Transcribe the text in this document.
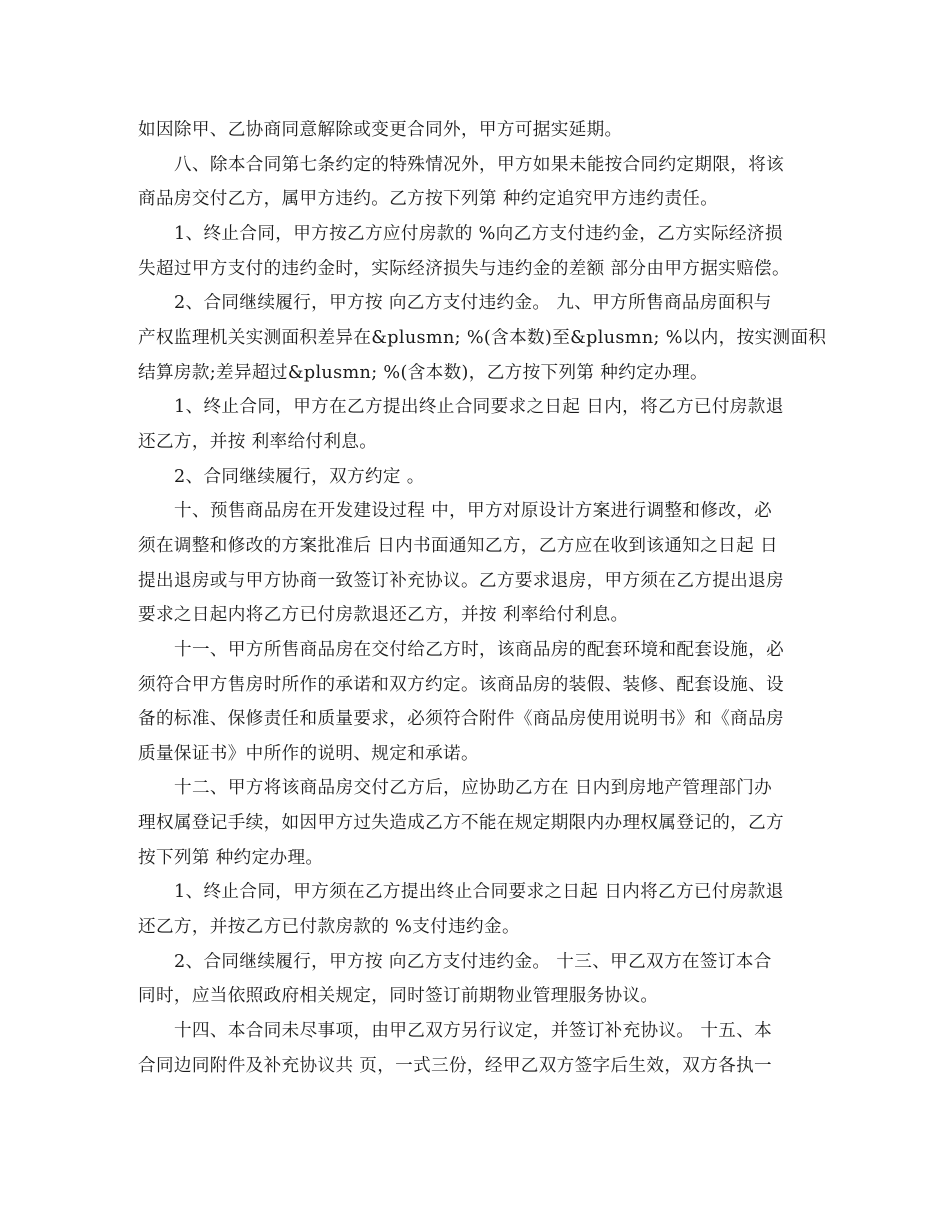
如因除甲、乙协商同意解除或变更合同外，甲方可据实延期。
八、除本合同第七条约定的特殊情况外，甲方如果未能按合同约定期限，将该
商品房交付乙方，属甲方违约。乙方按下列第 种约定追究甲方违约责任。
1、终止合同，甲方按乙方应付房款的 %向乙方支付违约金，乙方实际经济损
失超过甲方支付的违约金时，实际经济损失与违约金的差额 部分由甲方据实赔偿。
2、合同继续履行，甲方按 向乙方支付违约金。 九、甲方所售商品房面积与
产权监理机关实测面积差异在&plusmn; %(含本数)至&plusmn; %以内，按实测面积
结算房款;差异超过&plusmn; %(含本数)，乙方按下列第 种约定办理。
1、终止合同，甲方在乙方提出终止合同要求之日起 日内，将乙方已付房款退
还乙方，并按 利率给付利息。
2、合同继续履行，双方约定 。
十、预售商品房在开发建设过程 中，甲方对原设计方案进行调整和修改，必
须在调整和修改的方案批准后 日内书面通知乙方，乙方应在收到该通知之日起 日
提出退房或与甲方协商一致签订补充协议。乙方要求退房，甲方须在乙方提出退房
要求之日起内将乙方已付房款退还乙方，并按 利率给付利息。
十一、甲方所售商品房在交付给乙方时，该商品房的配套环境和配套设施，必
须符合甲方售房时所作的承诺和双方约定。该商品房的装假、装修、配套设施、设
备的标准、保修责任和质量要求，必须符合附件《商品房使用说明书》和《商品房
质量保证书》中所作的说明、规定和承诺。
十二、甲方将该商品房交付乙方后，应协助乙方在 日内到房地产管理部门办
理权属登记手续，如因甲方过失造成乙方不能在规定期限内办理权属登记的，乙方
按下列第 种约定办理。
1、终止合同，甲方须在乙方提出终止合同要求之日起 日内将乙方已付房款退
还乙方，并按乙方已付款房款的 %支付违约金。
2、合同继续履行，甲方按 向乙方支付违约金。 十三、甲乙双方在签订本合
同时，应当依照政府相关规定，同时签订前期物业管理服务协议。
十四、本合同未尽事项，由甲乙双方另行议定，并签订补充协议。 十五、本
合同边同附件及补充协议共 页，一式三份，经甲乙双方签字后生效，双方各执一
